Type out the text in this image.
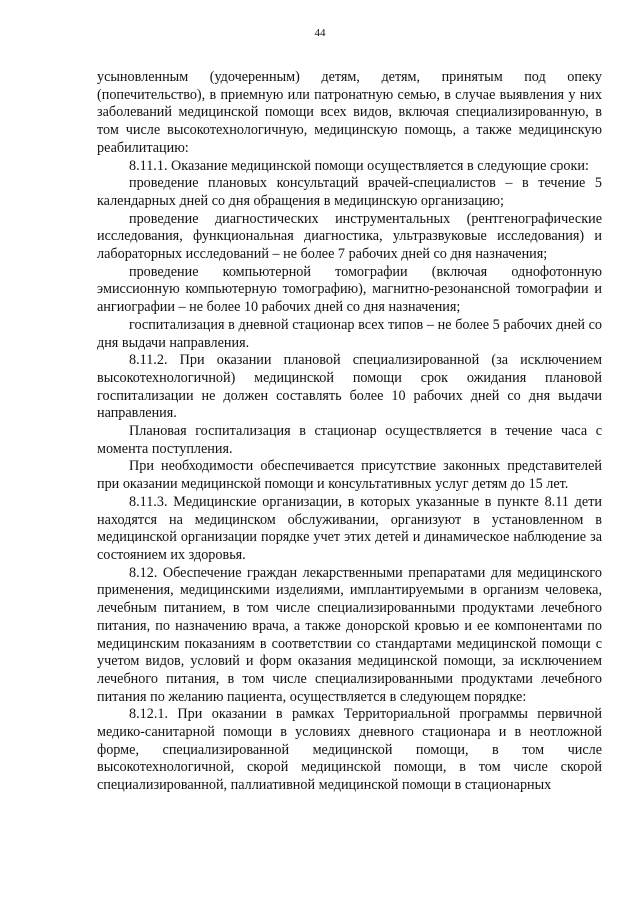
44

усыновленным (удочеренным) детям, детям, принятым под опеку (попечительство), в приемную или патронатную семью, в случае выявления у них заболеваний медицинской помощи всех видов, включая специализированную, в том числе высокотехнологичную, медицинскую помощь, а также медицинскую реабилитацию:

8.11.1. Оказание медицинской помощи осуществляется в следующие сроки:

проведение плановых консультаций врачей-специалистов – в течение 5 календарных дней со дня обращения в медицинскую организацию;

проведение диагностических инструментальных (рентгенографические исследования, функциональная диагностика, ультразвуковые исследования) и лабораторных исследований – не более 7 рабочих дней со дня назначения;

проведение компьютерной томографии (включая однофотонную эмиссионную компьютерную томографию), магнитно-резонансной томографии и ангиографии – не более 10 рабочих дней со дня назначения;

госпитализация в дневной стационар всех типов – не более 5 рабочих дней со дня выдачи направления.

8.11.2. При оказании плановой специализированной (за исключением высокотехнологичной) медицинской помощи срок ожидания плановой госпитализации не должен составлять более 10 рабочих дней со дня выдачи направления.

Плановая госпитализация в стационар осуществляется в течение часа с момента поступления.

При необходимости обеспечивается присутствие законных представителей при оказании медицинской помощи и консультативных услуг детям до 15 лет.

8.11.3. Медицинские организации, в которых указанные в пункте 8.11 дети находятся на медицинском обслуживании, организуют в установленном в медицинской организации порядке учет этих детей и динамическое наблюдение за состоянием их здоровья.

8.12. Обеспечение граждан лекарственными препаратами для медицинского применения, медицинскими изделиями, имплантируемыми в организм человека, лечебным питанием, в том числе специализированными продуктами лечебного питания, по назначению врача, а также донорской кровью и ее компонентами по медицинским показаниям в соответствии со стандартами медицинской помощи с учетом видов, условий и форм оказания медицинской помощи, за исключением лечебного питания, в том числе специализированными продуктами лечебного питания по желанию пациента, осуществляется в следующем порядке:

8.12.1. При оказании в рамках Территориальной программы первичной медико-санитарной помощи в условиях дневного стационара и в неотложной форме, специализированной медицинской помощи, в том числе высокотехнологичной, скорой медицинской помощи, в том числе скорой специализированной, паллиативной медицинской помощи в стационарных
